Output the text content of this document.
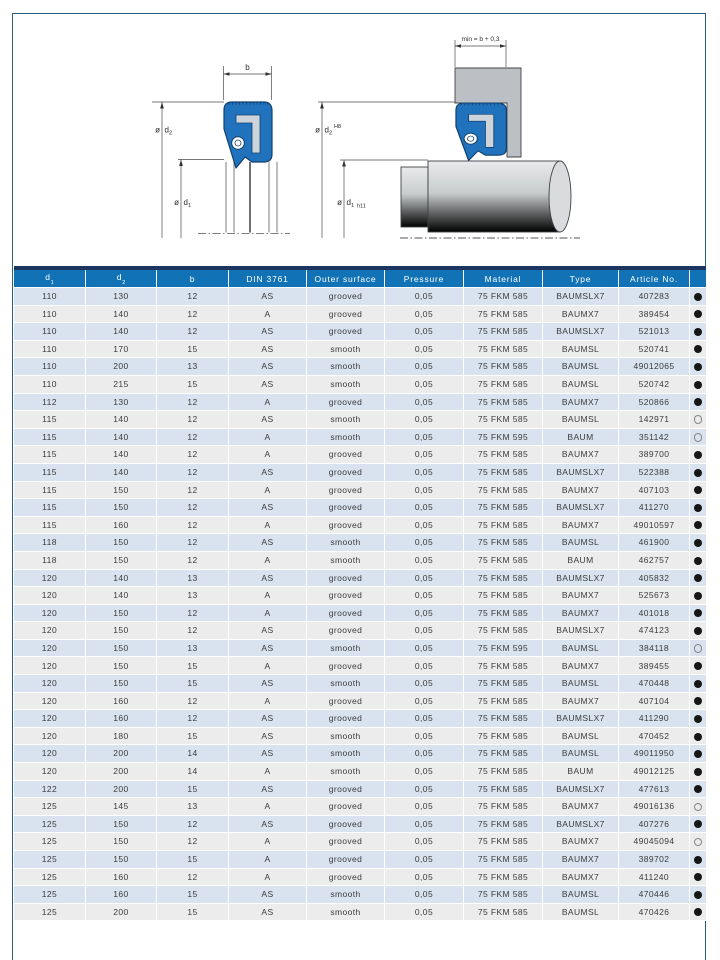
b
ø $d_2$
ø $d_1$
min = b + 0,3
ø $d_2$
H8
ø $d_1$ h11
$d_1$	$d_2$	b	DIN 3761	Outer surface	Pressure	Material	Type	Article No.	
110	130	12	AS	grooved	0,05	75 FKM 585	BAUMSLX7	407283	
110	140	12	A	grooved	0,05	75 FKM 585	BAUMX7	389454	
110	140	12	AS	grooved	0,05	75 FKM 585	BAUMSLX7	521013	
110	170	15	AS	smooth	0,05	75 FKM 585	BAUMSL	520741	
110	200	13	AS	smooth	0,05	75 FKM 585	BAUMSL	49012065	
110	215	15	AS	smooth	0,05	75 FKM 585	BAUMSL	520742	
112	130	12	A	grooved	0,05	75 FKM 585	BAUMX7	520866	
115	140	12	AS	smooth	0,05	75 FKM 585	BAUMSL	142971	
115	140	12	A	smooth	0,05	75 FKM 595	BAUM	351142	
115	140	12	A	grooved	0,05	75 FKM 585	BAUMX7	389700	
115	140	12	AS	grooved	0,05	75 FKM 585	BAUMSLX7	522388	
115	150	12	A	grooved	0,05	75 FKM 585	BAUMX7	407103	
115	150	12	AS	grooved	0,05	75 FKM 585	BAUMSLX7	411270	
115	160	12	A	grooved	0,05	75 FKM 585	BAUMX7	49010597	
118	150	12	AS	smooth	0,05	75 FKM 585	BAUMSL	461900	
118	150	12	A	smooth	0,05	75 FKM 585	BAUM	462757	
120	140	13	AS	grooved	0,05	75 FKM 585	BAUMSLX7	405832	
120	140	13	A	grooved	0,05	75 FKM 585	BAUMX7	525673	
120	150	12	A	grooved	0,05	75 FKM 585	BAUMX7	401018	
120	150	12	AS	grooved	0,05	75 FKM 585	BAUMSLX7	474123	
120	150	13	AS	smooth	0,05	75 FKM 595	BAUMSL	384118	
120	150	15	A	grooved	0,05	75 FKM 585	BAUMX7	389455	
120	150	15	AS	smooth	0,05	75 FKM 585	BAUMSL	470448	
120	160	12	A	grooved	0,05	75 FKM 585	BAUMX7	407104	
120	160	12	AS	grooved	0,05	75 FKM 585	BAUMSLX7	411290	
120	180	15	AS	smooth	0,05	75 FKM 585	BAUMSL	470452	
120	200	14	AS	smooth	0,05	75 FKM 585	BAUMSL	49011950	
120	200	14	A	smooth	0,05	75 FKM 585	BAUM	49012125	
122	200	15	AS	grooved	0,05	75 FKM 585	BAUMSLX7	477613	
125	145	13	A	grooved	0,05	75 FKM 585	BAUMX7	49016136	
125	150	12	AS	grooved	0,05	75 FKM 585	BAUMSLX7	407276	
125	150	12	A	grooved	0,05	75 FKM 585	BAUMX7	49045094	
125	150	15	A	grooved	0,05	75 FKM 585	BAUMX7	389702	
125	160	12	A	grooved	0,05	75 FKM 585	BAUMX7	411240	
125	160	15	AS	smooth	0,05	75 FKM 585	BAUMSL	470446	
125	200	15	AS	smooth	0,05	75 FKM 585	BAUMSL	470426	
